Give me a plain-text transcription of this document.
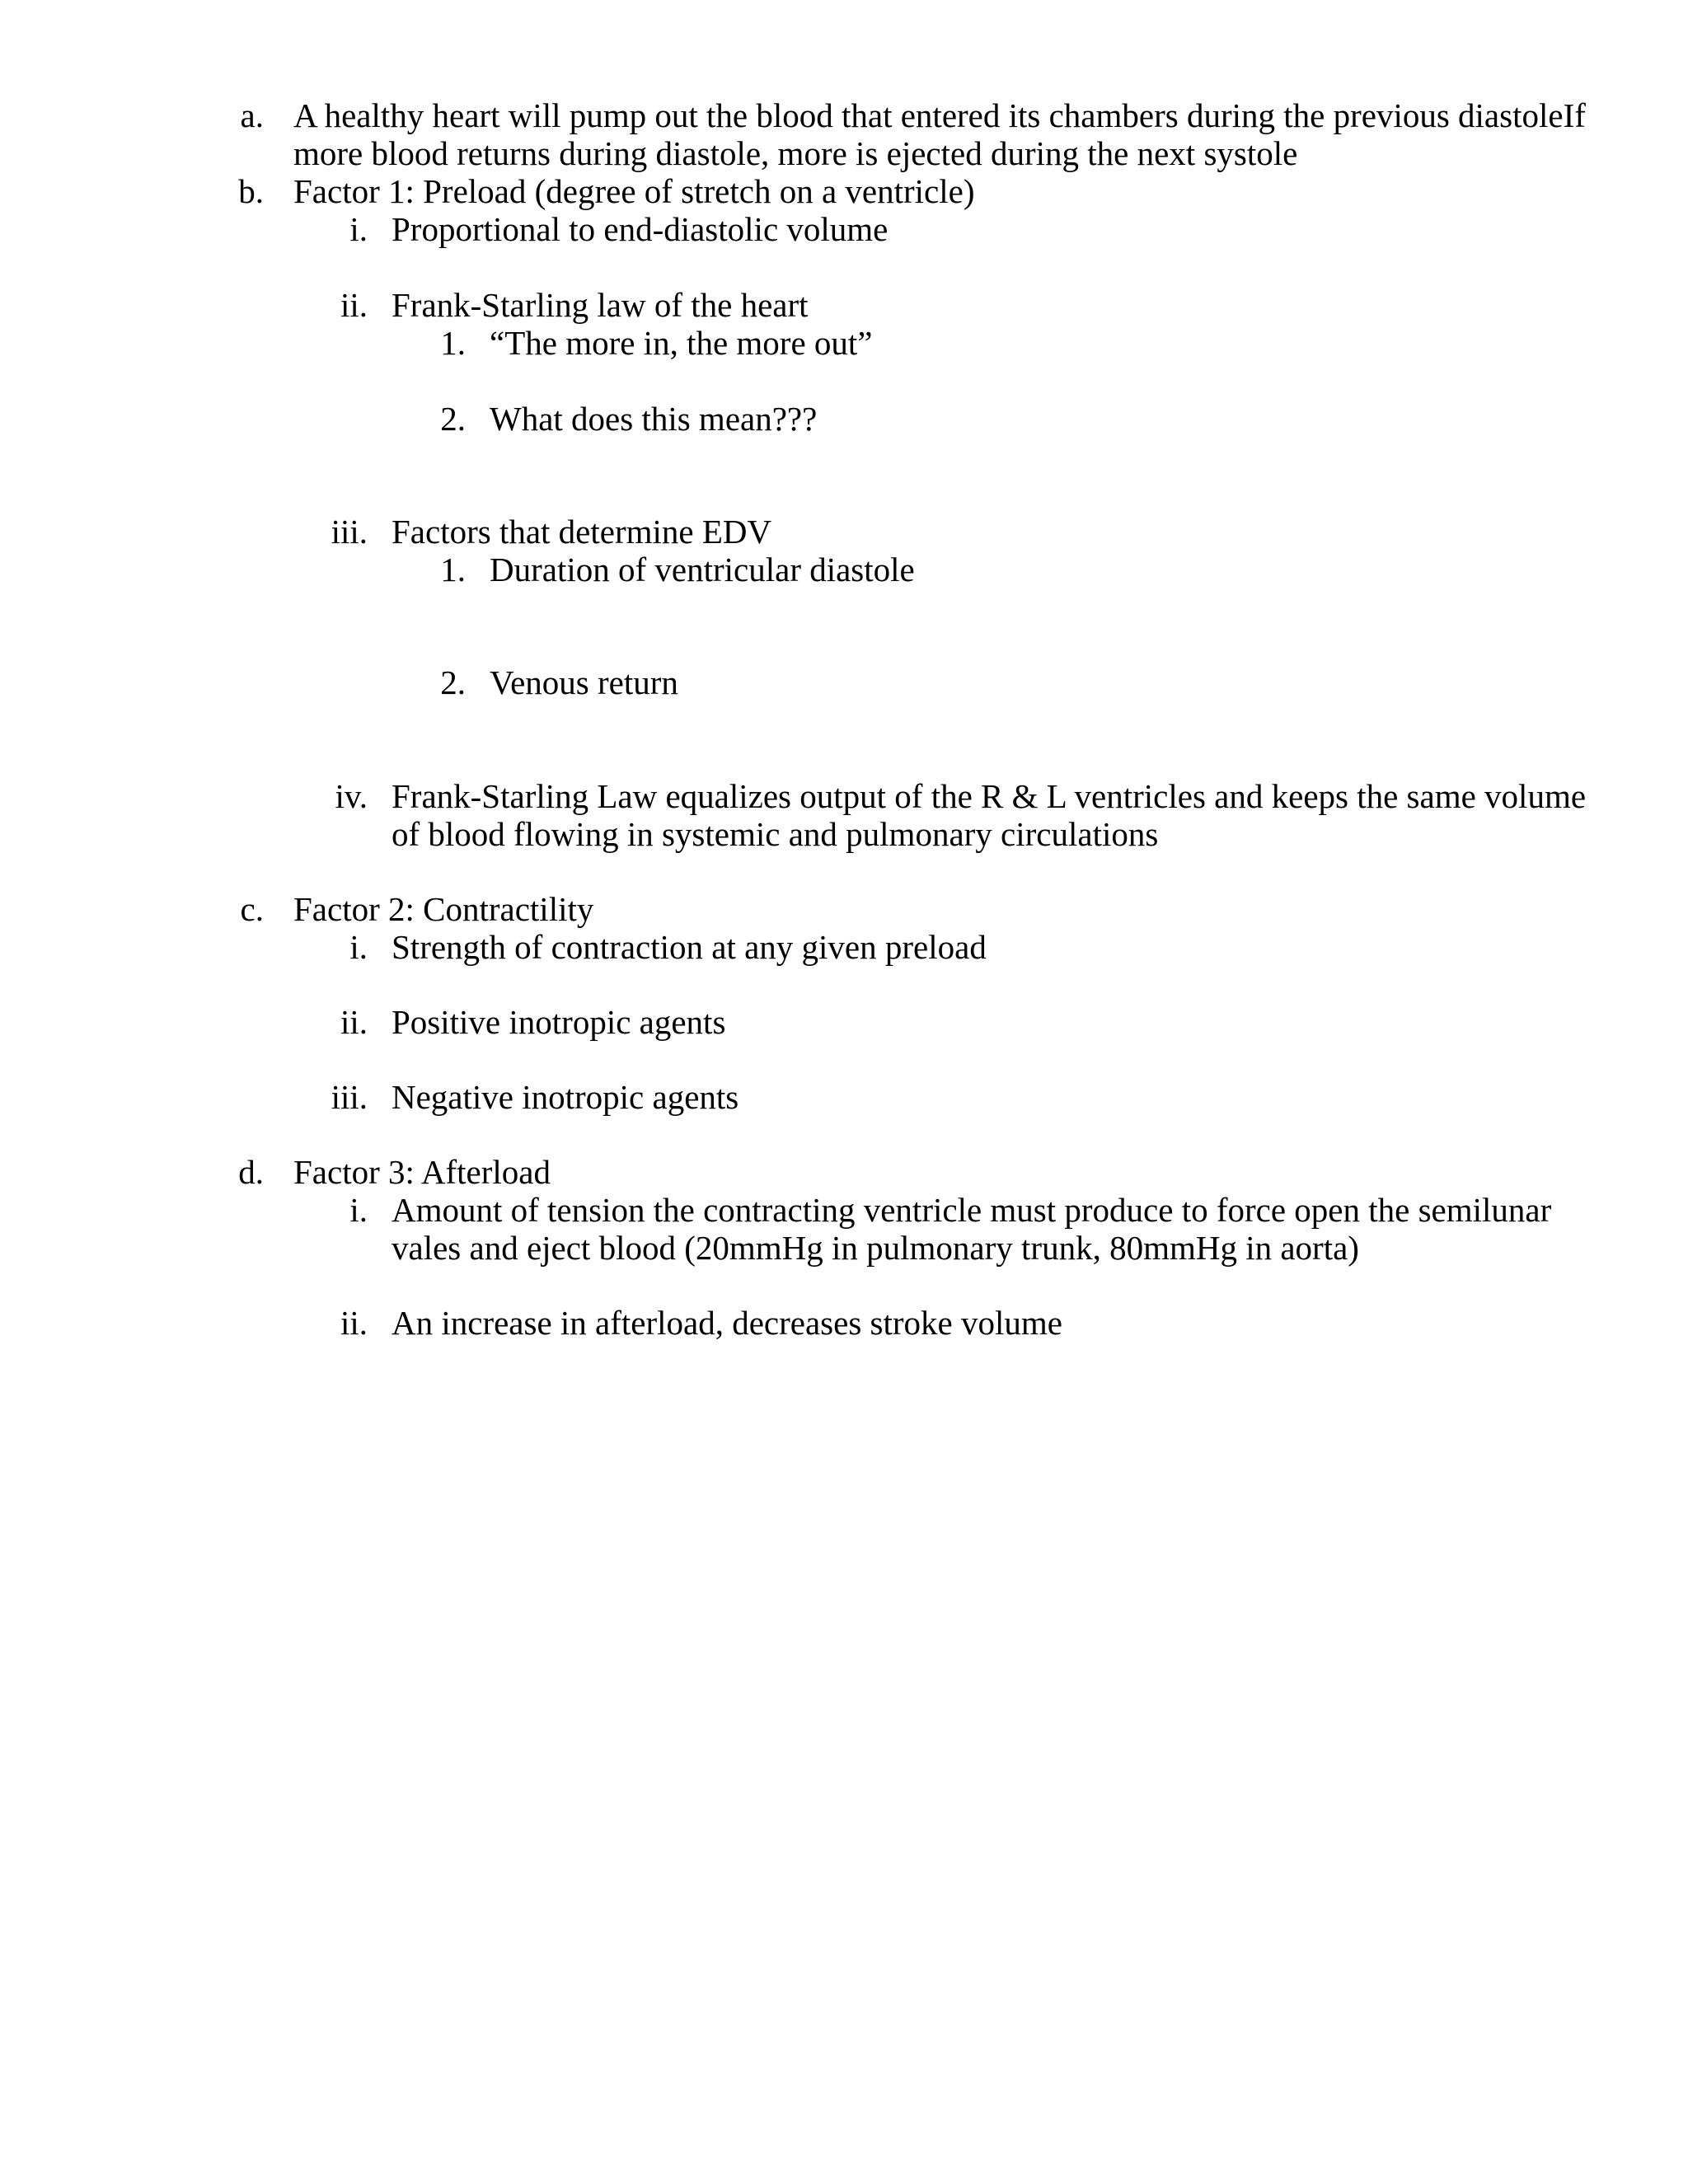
a. A healthy heart will pump out the blood that entered its chambers during the previous diastoleIf
more blood returns during diastole, more is ejected during the next systole
b. Factor 1: Preload (degree of stretch on a ventricle)
i. Proportional to end-diastolic volume
ii. Frank-Starling law of the heart
1. “The more in, the more out”
2. What does this mean???
iii. Factors that determine EDV
1. Duration of ventricular diastole
2. Venous return
iv. Frank-Starling Law equalizes output of the R & L ventricles and keeps the same volume
of blood flowing in systemic and pulmonary circulations
c. Factor 2: Contractility
i. Strength of contraction at any given preload
ii. Positive inotropic agents
iii. Negative inotropic agents
d. Factor 3: Afterload
i. Amount of tension the contracting ventricle must produce to force open the semilunar
vales and eject blood (20mmHg in pulmonary trunk, 80mmHg in aorta)
ii. An increase in afterload, decreases stroke volume
